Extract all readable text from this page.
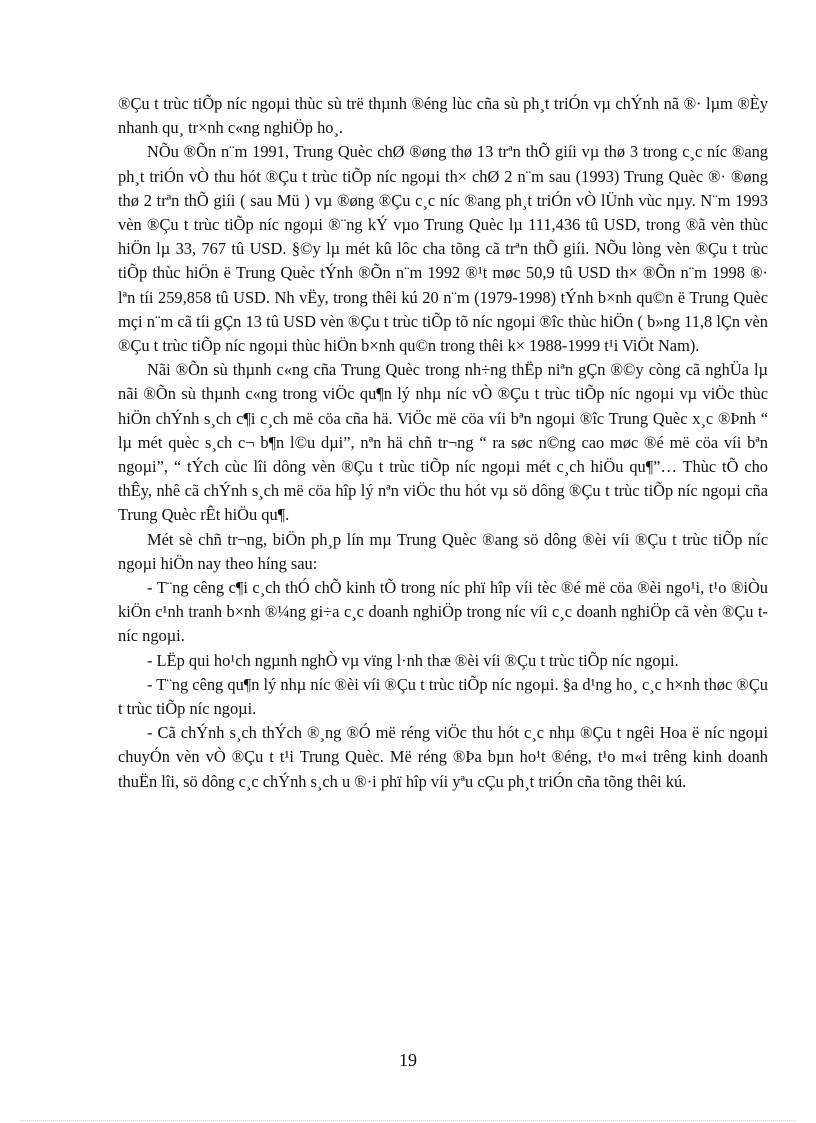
®Çu t trùc tiÕp níc ngoµi thùc sù trë thµnh ®éng lùc cña sù ph¸t triÓn vµ chÝnh nã ®· lµm ®Èy nhanh qu¸ tr×nh c«ng nghiÖp ho¸.

NÕu ®Õn n¨m 1991, Trung Quèc chØ ®øng thø 13 trªn thÕ giíi vµ thø 3 trong c¸c níc ®ang ph¸t triÓn vÒ thu hót ®Çu t trùc tiÕp níc ngoµi th× chØ 2 n¨m sau (1993) Trung Quèc ®· ®øng thø 2 trªn thÕ giíi ( sau Mü ) vµ ®øng ®Çu c¸c níc ®ang ph¸t triÓn vÒ lÜnh vùc nµy. N¨m 1993 vèn ®Çu t trùc tiÕp níc ngoµi ®¨ng kÝ vµo Trung Quèc lµ 111,436 tû USD, trong ®ã vèn thùc hiÖn lµ 33, 767 tû USD. §©y lµ mét kû lôc cha tõng cã trªn thÕ giíi. NÕu lòng vèn ®Çu t trùc tiÕp thùc hiÖn ë Trung Quèc tÝnh ®Õn n¨m 1992 ®¹t møc 50,9 tû USD th× ®Õn n¨m 1998 ®· lªn tíi 259,858 tû USD. Nh vËy, trong thêi kú 20 n¨m (1979-1998) tÝnh b×nh qu©n ë Trung Quèc mçi n¨m cã tíi gÇn 13 tû USD vèn ®Çu t trùc tiÕp tõ níc ngoµi ®îc thùc hiÖn ( b»ng 11,8 lÇn vèn ®Çu t trùc tiÕp níc ngoµi thùc hiÖn b×nh qu©n trong thêi k× 1988-1999 t¹i ViÖt Nam).

Nãi ®Õn sù thµnh c«ng cña Trung Quèc trong nh÷ng thËp niªn gÇn ®©y còng cã nghÜa lµ nãi ®Õn sù thµnh c«ng trong viÖc qu¶n lý nhµ níc vÒ ®Çu t trùc tiÕp níc ngoµi vµ viÖc thùc hiÖn chÝnh s¸ch c¶i c¸ch më cöa cña hä. ViÖc më cöa víi bªn ngoµi ®îc Trung Quèc x¸c ®Þnh “ lµ mét quèc s¸ch c¬ b¶n l©u dµi”, nªn hä chñ tr¬ng “ ra søc n©ng cao møc ®é më cöa víi bªn ngoµi”, “ tÝch cùc lîi dông vèn ®Çu t trùc tiÕp níc ngoµi mét c¸ch hiÖu qu¶”… Thùc tÕ cho thÊy, nhê cã chÝnh s¸ch më cöa hîp lý nªn viÖc thu hót vµ sö dông ®Çu t trùc tiÕp níc ngoµi cña Trung Quèc rÊt hiÖu qu¶.

Mét sè chñ tr¬ng, biÖn ph¸p lín mµ Trung Quèc ®ang sö dông ®èi víi ®Çu t trùc tiÕp níc ngoµi hiÖn nay theo híng sau:

- T¨ng cêng c¶i c¸ch thÓ chÕ kinh tÕ trong níc phï hîp víi tèc ®é më cöa ®èi ngo¹i, t¹o ®iÒu kiÖn c¹nh tranh b×nh ®¼ng gi÷a c¸c doanh nghiÖp trong níc víi c¸c doanh nghiÖp cã vèn ®Çu t níc ngoµi.

- LËp qui ho¹ch ngµnh nghÒ vµ vïng l·nh thæ ®èi víi ®Çu t trùc tiÕp níc ngoµi.

- T¨ng cêng qu¶n lý nhµ níc ®èi víi ®Çu t trùc tiÕp níc ngoµi. §a d¹ng ho¸ c¸c h×nh thøc ®Çu t trùc tiÕp níc ngoµi.

- Cã chÝnh s¸ch thÝch ®¸ng ®Ó më réng viÖc thu hót c¸c nhµ ®Çu t ngêi Hoa ë níc ngoµi chuyÓn vèn vÒ ®Çu t t¹i Trung Quèc. Më réng ®Þa bµn ho¹t ®éng, t¹o m«i trêng kinh doanh thuËn lîi, sö dông c¸c chÝnh s¸ch u ®·i phï hîp víi yªu cÇu ph¸t triÓn cña tõng thêi kú.

19
